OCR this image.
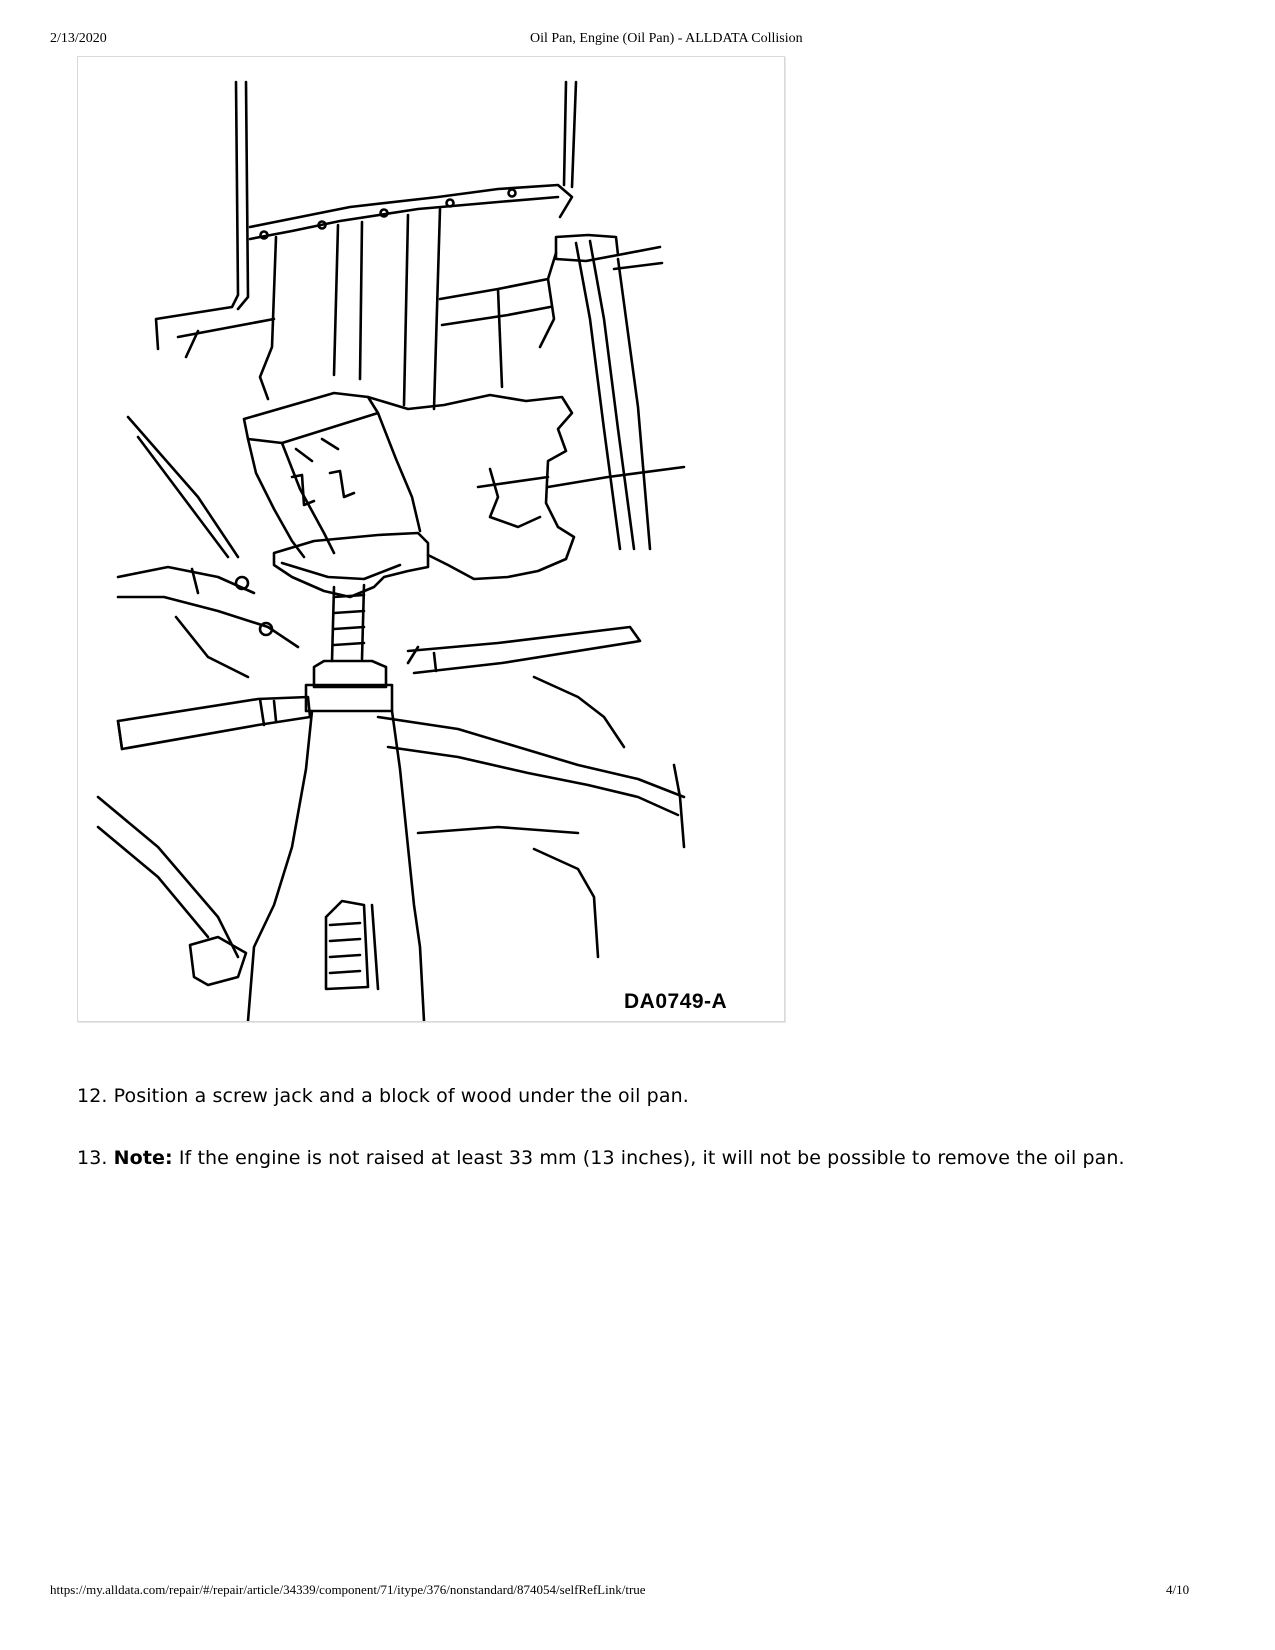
2/13/2020	Oil Pan, Engine (Oil Pan) - ALLDATA Collision
DA0749-A
12. Position a screw jack and a block of wood under the oil pan.
13. Note: If the engine is not raised at least 33 mm (13 inches), it will not be possible to remove the oil pan.
https://my.alldata.com/repair/#/repair/article/34339/component/71/itype/376/nonstandard/874054/selfRefLink/true	4/10
